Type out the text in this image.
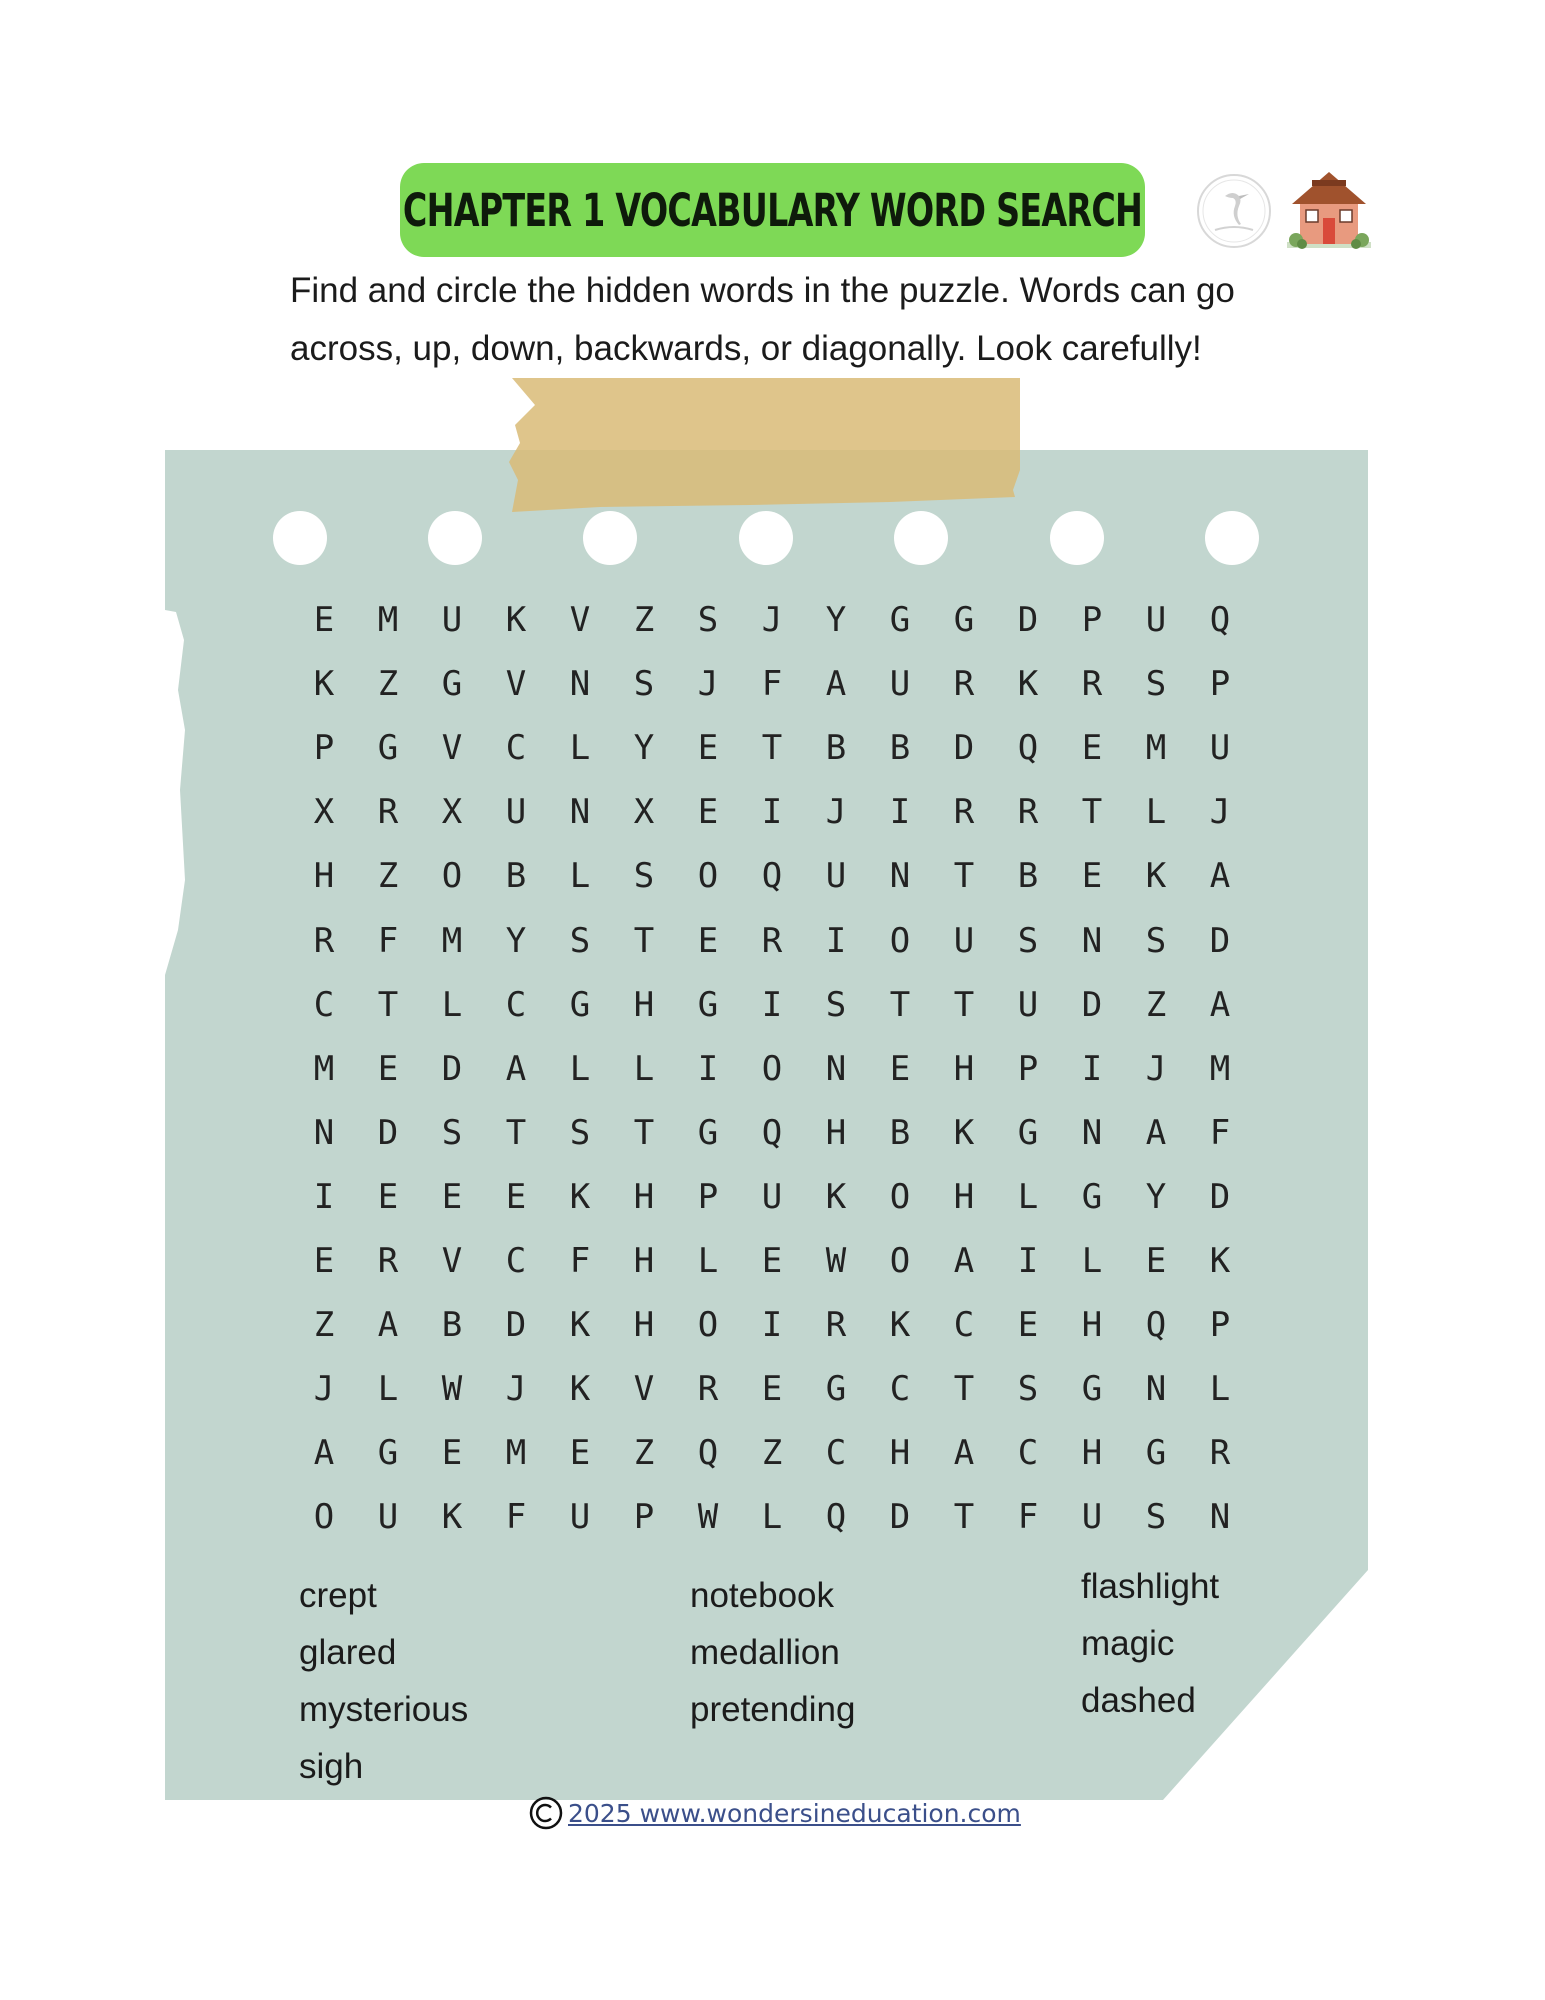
CHAPTER 1 VOCABULARY WORD SEARCH

Find and circle the hidden words in the puzzle. Words can go
across, up, down, backwards, or diagonally. Look carefully!

E	M	U	K	V	Z	S	J	Y	G	G	D	P	U	Q
K	Z	G	V	N	S	J	F	A	U	R	K	R	S	P
P	G	V	C	L	Y	E	T	B	B	D	Q	E	M	U
X	R	X	U	N	X	E	I	J	I	R	R	T	L	J
H	Z	O	B	L	S	O	Q	U	N	T	B	E	K	A
R	F	M	Y	S	T	E	R	I	O	U	S	N	S	D
C	T	L	C	G	H	G	I	S	T	T	U	D	Z	A
M	E	D	A	L	L	I	O	N	E	H	P	I	J	M
N	D	S	T	S	T	G	Q	H	B	K	G	N	A	F
I	E	E	E	K	H	P	U	K	O	H	L	G	Y	D
E	R	V	C	F	H	L	E	W	O	A	I	L	E	K
Z	A	B	D	K	H	O	I	R	K	C	E	H	Q	P
J	L	W	J	K	V	R	E	G	C	T	S	G	N	L
A	G	E	M	E	Z	Q	Z	C	H	A	C	H	G	R
O	U	K	F	U	P	W	L	Q	D	T	F	U	S	N
crept
glared
mysterious
sigh
notebook
medallion
pretending
flashlight
magic
dashed
2025 www.wondersineducation.com
